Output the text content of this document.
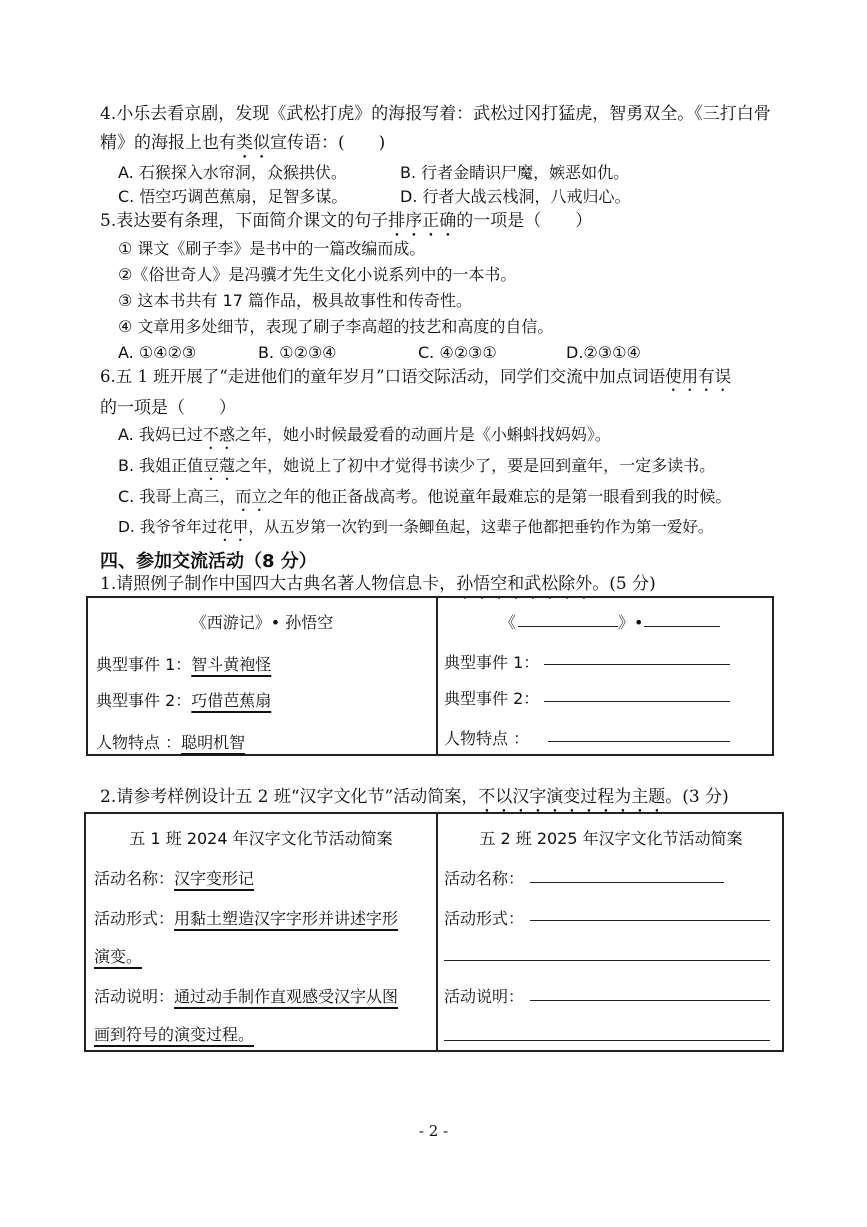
4.小乐去看京剧，发现《武松打虎》的海报写着：武松过冈打猛虎，智勇双全。《三打白骨
精》的海报上也有类似宣传语：(　　)
A. 石猴探入水帘洞，众猴拱伏。	B. 行者金睛识尸魔，嫉恶如仇。
C. 悟空巧调芭蕉扇，足智多谋。	D. 行者大战云栈洞，八戒归心。
5.表达要有条理，下面简介课文的句子排序正确的一项是（　　）
① 课文《刷子李》是书中的一篇改编而成。
②《俗世奇人》是冯骥才先生文化小说系列中的一本书。
③ 这本书共有 17 篇作品，极具故事性和传奇性。
④ 文章用多处细节，表现了刷子李高超的技艺和高度的自信。
A. ①④②③	B. ①②③④	C. ④②③①	D.②③①④
6.五 1 班开展了“走进他们的童年岁月”口语交际活动，同学们交流中加点词语使用有误
的一项是（　　）
A. 我妈已过不惑之年，她小时候最爱看的动画片是《小蝌蚪找妈妈》。
B. 我姐正值豆蔻之年，她说上了初中才觉得书读少了，要是回到童年，一定多读书。
C. 我哥上高三，而立之年的他正备战高考。他说童年最难忘的是第一眼看到我的时候。
D. 我爷爷年过花甲，从五岁第一次钓到一条鲫鱼起，这辈子他都把垂钓作为第一爱好。
四、参加交流活动（8 分）
1.请照例子制作中国四大古典名著人物信息卡，孙悟空和武松除外。(5 分)
《西游记》• 孙悟空
典型事件 1：智斗黄袍怪
典型事件 2：巧借芭蕉扇
人物特点 ：聪明机智
《	》•
典型事件 1：
典型事件 2：
人物特点 ：
2.请参考样例设计五 2 班“汉字文化节”活动简案，不以汉字演变过程为主题。(3 分)
五 1 班 2024 年汉字文化节活动简案
活动名称：汉字变形记
活动形式：用黏土塑造汉字字形并讲述字形
演变。
活动说明：通过动手制作直观感受汉字从图
画到符号的演变过程。
五 2 班 2025 年汉字文化节活动简案
活动名称：
活动形式：
活动说明：
- 2 -
